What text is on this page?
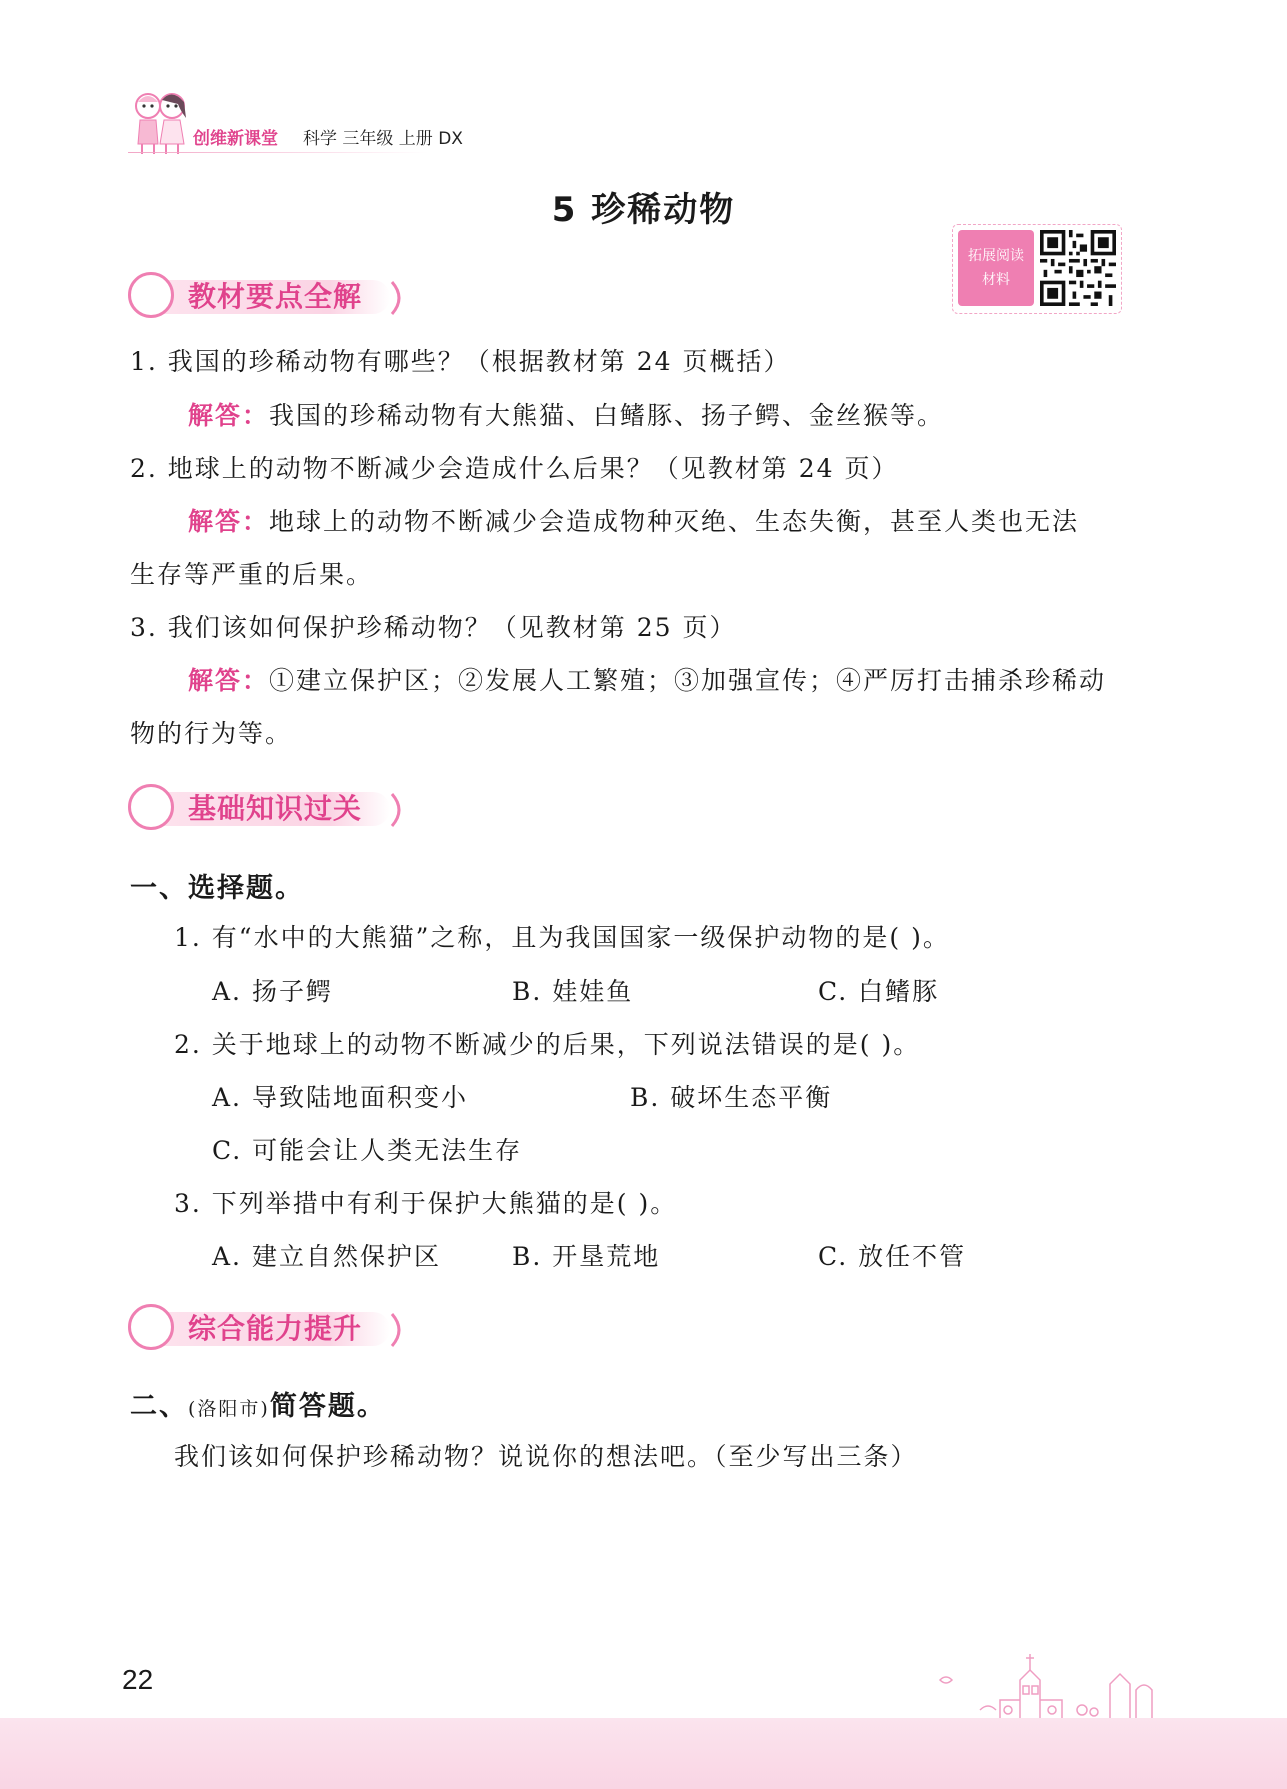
创维新课堂 科学 三年级 上册 DX
5 珍稀动物
拓展阅读
材料
教材要点全解
1. 我国的珍稀动物有哪些？（根据教材第 24 页概括）
解答：我国的珍稀动物有大熊猫、白鳍豚、扬子鳄、金丝猴等。
2. 地球上的动物不断减少会造成什么后果？（见教材第 24 页）
解答：地球上的动物不断减少会造成物种灭绝、生态失衡，甚至人类也无法
生存等严重的后果。
3. 我们该如何保护珍稀动物？（见教材第 25 页）
解答：①建立保护区；②发展人工繁殖；③加强宣传；④严厉打击捕杀珍稀动
物的行为等。
基础知识过关
一、选择题。
1. 有“水中的大熊猫”之称，且为我国国家一级保护动物的是( )。
A. 扬子鳄	B. 娃娃鱼	C. 白鳍豚
2. 关于地球上的动物不断减少的后果，下列说法错误的是( )。
A. 导致陆地面积变小	B. 破坏生态平衡
C. 可能会让人类无法生存
3. 下列举措中有利于保护大熊猫的是( )。
A. 建立自然保护区	B. 开垦荒地	C. 放任不管
综合能力提升
二、(洛阳市)简答题。
我们该如何保护珍稀动物？说说你的想法吧。（至少写出三条）
22
